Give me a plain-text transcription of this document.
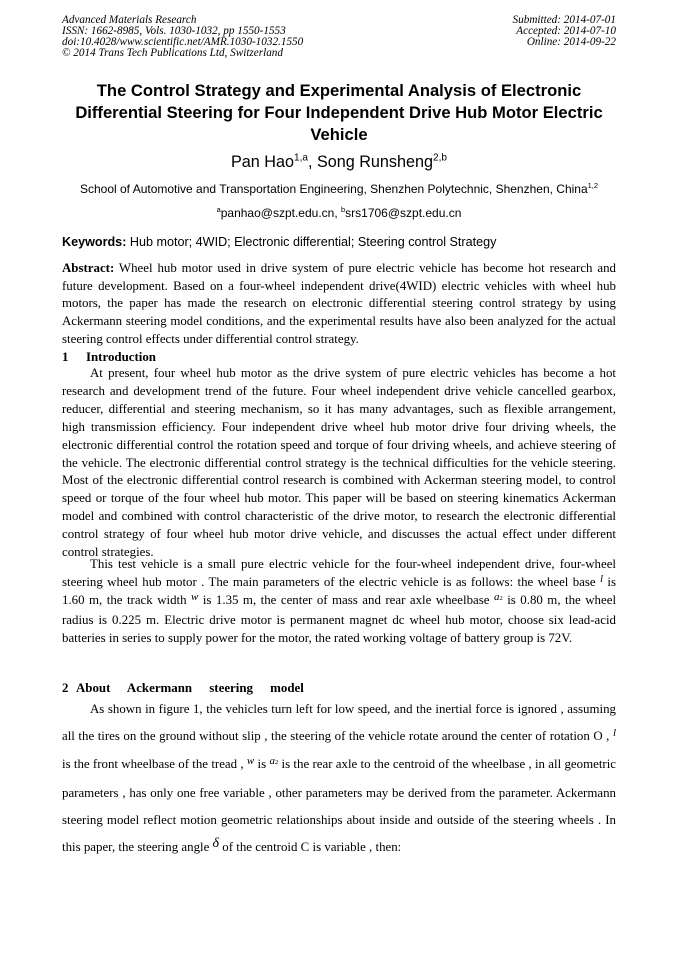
Advanced Materials Research
ISSN: 1662-8985, Vols. 1030-1032, pp 1550-1553
doi:10.4028/www.scientific.net/AMR.1030-1032.1550
© 2014 Trans Tech Publications Ltd, Switzerland
Submitted: 2014-07-01
Accepted: 2014-07-10
Online: 2014-09-22
The Control Strategy and Experimental Analysis of Electronic
Differential Steering for Four Independent Drive Hub Motor Electric
Vehicle
Pan Hao$^{1,a}$, Song Runsheng$^{2,b}$
School of Automotive and Transportation Engineering, Shenzhen Polytechnic, Shenzhen, China$^{1,2}$
$^a$panhao@szpt.edu.cn, $^b$srs1706@szpt.edu.cn
Keywords: Hub motor; 4WID; Electronic differential; Steering control Strategy
Abstract: Wheel hub motor used in drive system of pure electric vehicle has become hot research and future development. Based on a four-wheel independent drive(4WID) electric vehicles with wheel hub motors, the paper has made the research on electronic differential steering control strategy by using Ackermann steering model conditions, and the experimental results have also been analyzed for the actual steering control effects under differential control strategy.
1 Introduction

At present, four wheel hub motor as the drive system of pure electric vehicles has become a hot research and development trend of the future. Four wheel independent drive vehicle cancelled gearbox, reducer, differential and steering mechanism, so it has many advantages, such as flexible arrangement, high transmission efficiency. Four independent drive wheel hub motor drive four driving wheels, the electronic differential control the rotation speed and torque of four driving wheels, and achieve steering of the vehicle. The electronic differential control strategy is the technical difficulties for the vehicle steering. Most of the electronic differential control research is combined with Ackerman steering model, to control speed or torque of the four wheel hub motor. This paper will be based on steering kinematics Ackerman model and combined with control characteristic of the drive motor, to research the electronic differential control strategy of four wheel hub motor drive vehicle, and discusses the actual effect under different control strategies.

This test vehicle is a small pure electric vehicle for the four-wheel independent drive, four-wheel steering wheel hub motor . The main parameters of the electric vehicle is as follows: the wheel base l is 1.60 m, the track width w is 1.35 m, the center of mass and rear axle wheelbase a2 is 0.80 m, the wheel radius is 0.225 m. Electric drive motor is permanent magnet dc wheel hub motor, choose six lead-acid batteries in series to supply power for the motor, the rated working voltage of battery group is 72V.
2 About Ackermann steering model

As shown in figure 1, the vehicles turn left for low speed, and the inertial force is ignored , assuming all the tires on the ground without slip , the steering of the vehicle rotate around the center of rotation O , l is the front wheelbase of the tread , w is a2 is the rear axle to the centroid of the wheelbase , in all geometric parameters , has only one free variable , other parameters may be derived from the parameter. Ackermann steering model reflect motion geometric relationships about inside and outside of the steering wheels . In this paper, the steering angle δ of the centroid C is variable , then:
